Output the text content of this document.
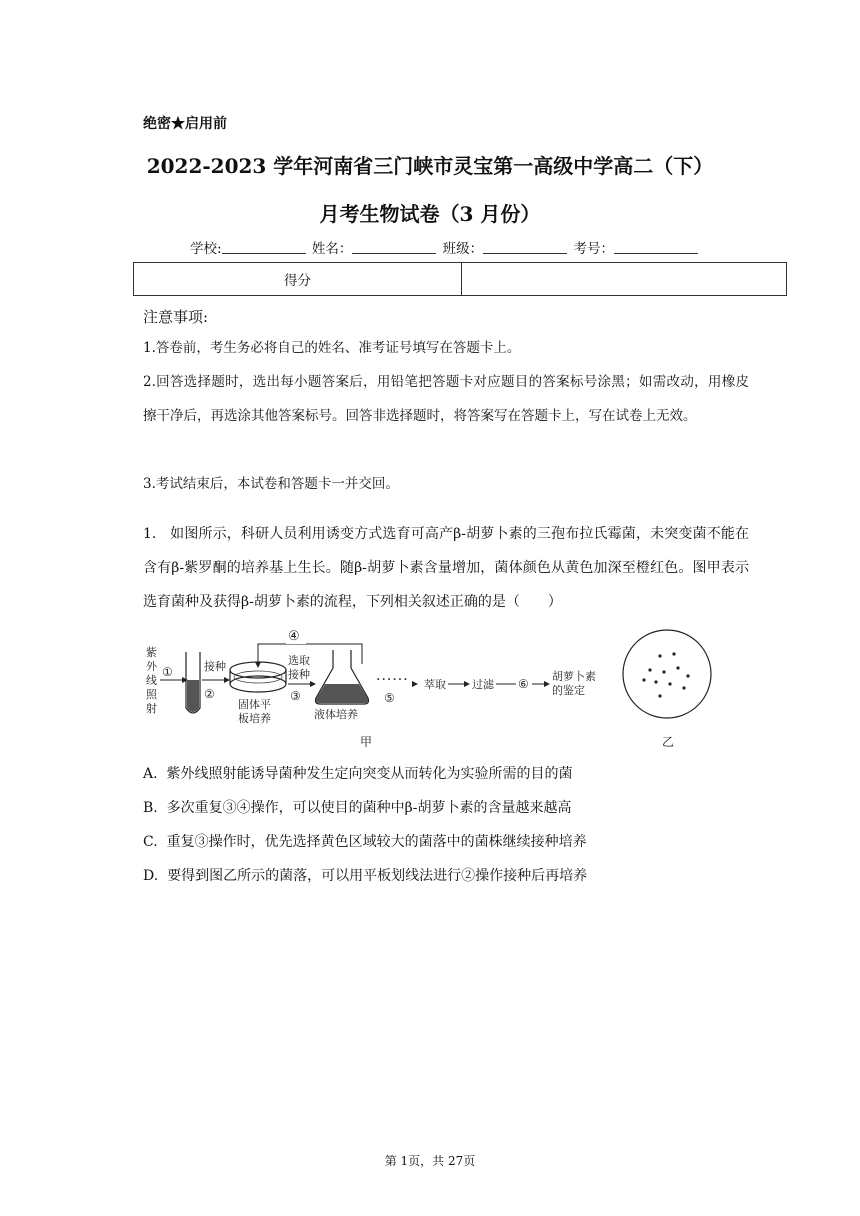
绝密★启用前
2022-2023 学年河南省三门峡市灵宝第一高级中学高二（下）
月考生物试卷（3 月份）
学校:	姓名：	班级：	考号：
得分
注意事项:
1.答卷前，考生务必将自己的姓名、准考证号填写在答题卡上。
2.回答选择题时，选出每小题答案后，用铅笔把答题卡对应题目的答案标号涂黑；如需改动，用橡皮擦干净后，再选涂其他答案标号。回答非选择题时，将答案写在答题卡上，写在试卷上无效。
3.考试结束后，本试卷和答题卡一并交回。
1. 如图所示，科研人员利用诱变方式选育可高产β-胡萝卜素的三孢布拉氏霉菌，未突变菌不能在含有β-紫罗酮的培养基上生长。随β-胡萝卜素含量增加，菌体颜色从黄色加深至橙红色。图甲表示选育菌种及获得β-胡萝卜素的流程，下列相关叙述正确的是（　　）
紫外线照射
①	接种
②
固体平
板培养
④
选取
接种
③
液体培养
······
⑤
萃取 过滤 ⑥
胡萝卜素
的鉴定
甲	乙
A. 紫外线照射能诱导菌种发生定向突变从而转化为实验所需的目的菌
B. 多次重复③④操作，可以使目的菌种中β-胡萝卜素的含量越来越高
C. 重复③操作时，优先选择黄色区域较大的菌落中的菌株继续接种培养
D. 要得到图乙所示的菌落，可以用平板划线法进行②操作接种后再培养
第 1页，共 27页
